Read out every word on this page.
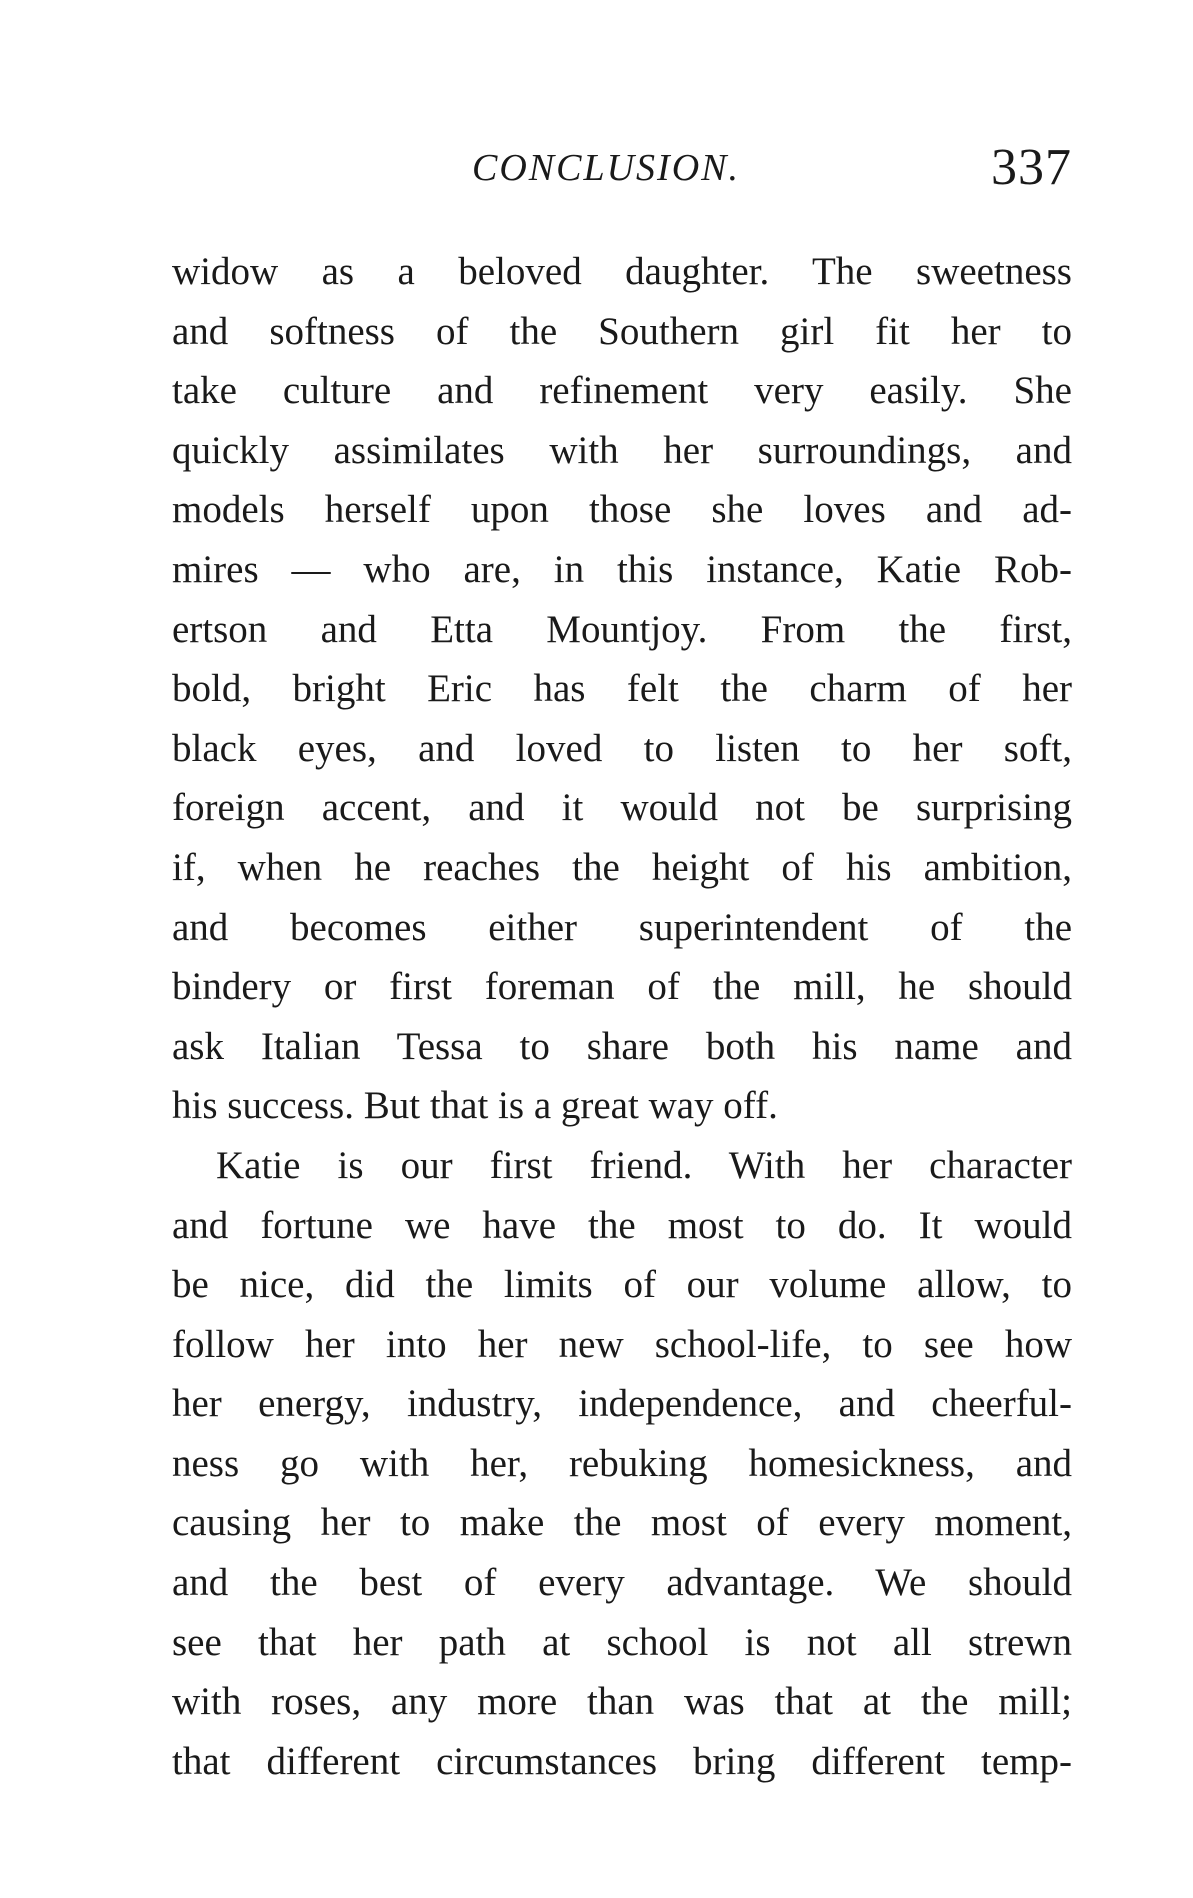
CONCLUSION.	337
widow as a beloved daughter. The sweetness
and softness of the Southern girl fit her to
take culture and refinement very easily. She
quickly assimilates with her surroundings, and
models herself upon those she loves and ad-
mires — who are, in this instance, Katie Rob-
ertson and Etta Mountjoy. From the first,
bold, bright Eric has felt the charm of her
black eyes, and loved to listen to her soft,
foreign accent, and it would not be surprising
if, when he reaches the height of his ambition,
and becomes either superintendent of the
bindery or first foreman of the mill, he should
ask Italian Tessa to share both his name and
his success. But that is a great way off.
Katie is our first friend. With her character
and fortune we have the most to do. It would
be nice, did the limits of our volume allow, to
follow her into her new school-life, to see how
her energy, industry, independence, and cheerful-
ness go with her, rebuking homesickness, and
causing her to make the most of every moment,
and the best of every advantage. We should
see that her path at school is not all strewn
with roses, any more than was that at the mill;
that different circumstances bring different temp-
